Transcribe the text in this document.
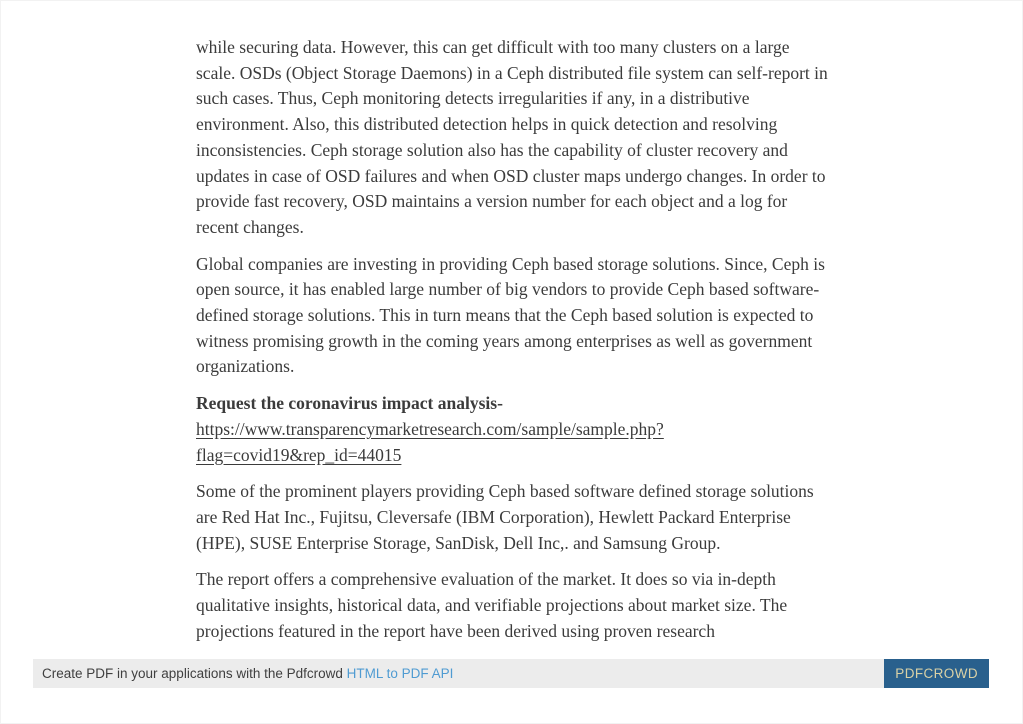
while securing data. However, this can get difficult with too many clusters on a large scale. OSDs (Object Storage Daemons) in a Ceph distributed file system can self-report in such cases. Thus, Ceph monitoring detects irregularities if any, in a distributive environment. Also, this distributed detection helps in quick detection and resolving inconsistencies. Ceph storage solution also has the capability of cluster recovery and updates in case of OSD failures and when OSD cluster maps undergo changes. In order to provide fast recovery, OSD maintains a version number for each object and a log for recent changes.

Global companies are investing in providing Ceph based storage solutions. Since, Ceph is open source, it has enabled large number of big vendors to provide Ceph based software- defined storage solutions. This in turn means that the Ceph based solution is expected to witness promising growth in the coming years among enterprises as well as government organizations.

Request the coronavirus impact analysis-

https://www.transparencymarketresearch.com/sample/sample.php?
flag=covid19&rep_id=44015

Some of the prominent players providing Ceph based software defined storage solutions are Red Hat Inc., Fujitsu, Cleversafe (IBM Corporation), Hewlett Packard Enterprise (HPE), SUSE Enterprise Storage, SanDisk, Dell Inc,. and Samsung Group.

The report offers a comprehensive evaluation of the market. It does so via in-depth qualitative insights, historical data, and verifiable projections about market size. The projections featured in the report have been derived using proven research

Create PDF in your applications with the Pdfcrowd HTML to PDF API	PDFCROWD
